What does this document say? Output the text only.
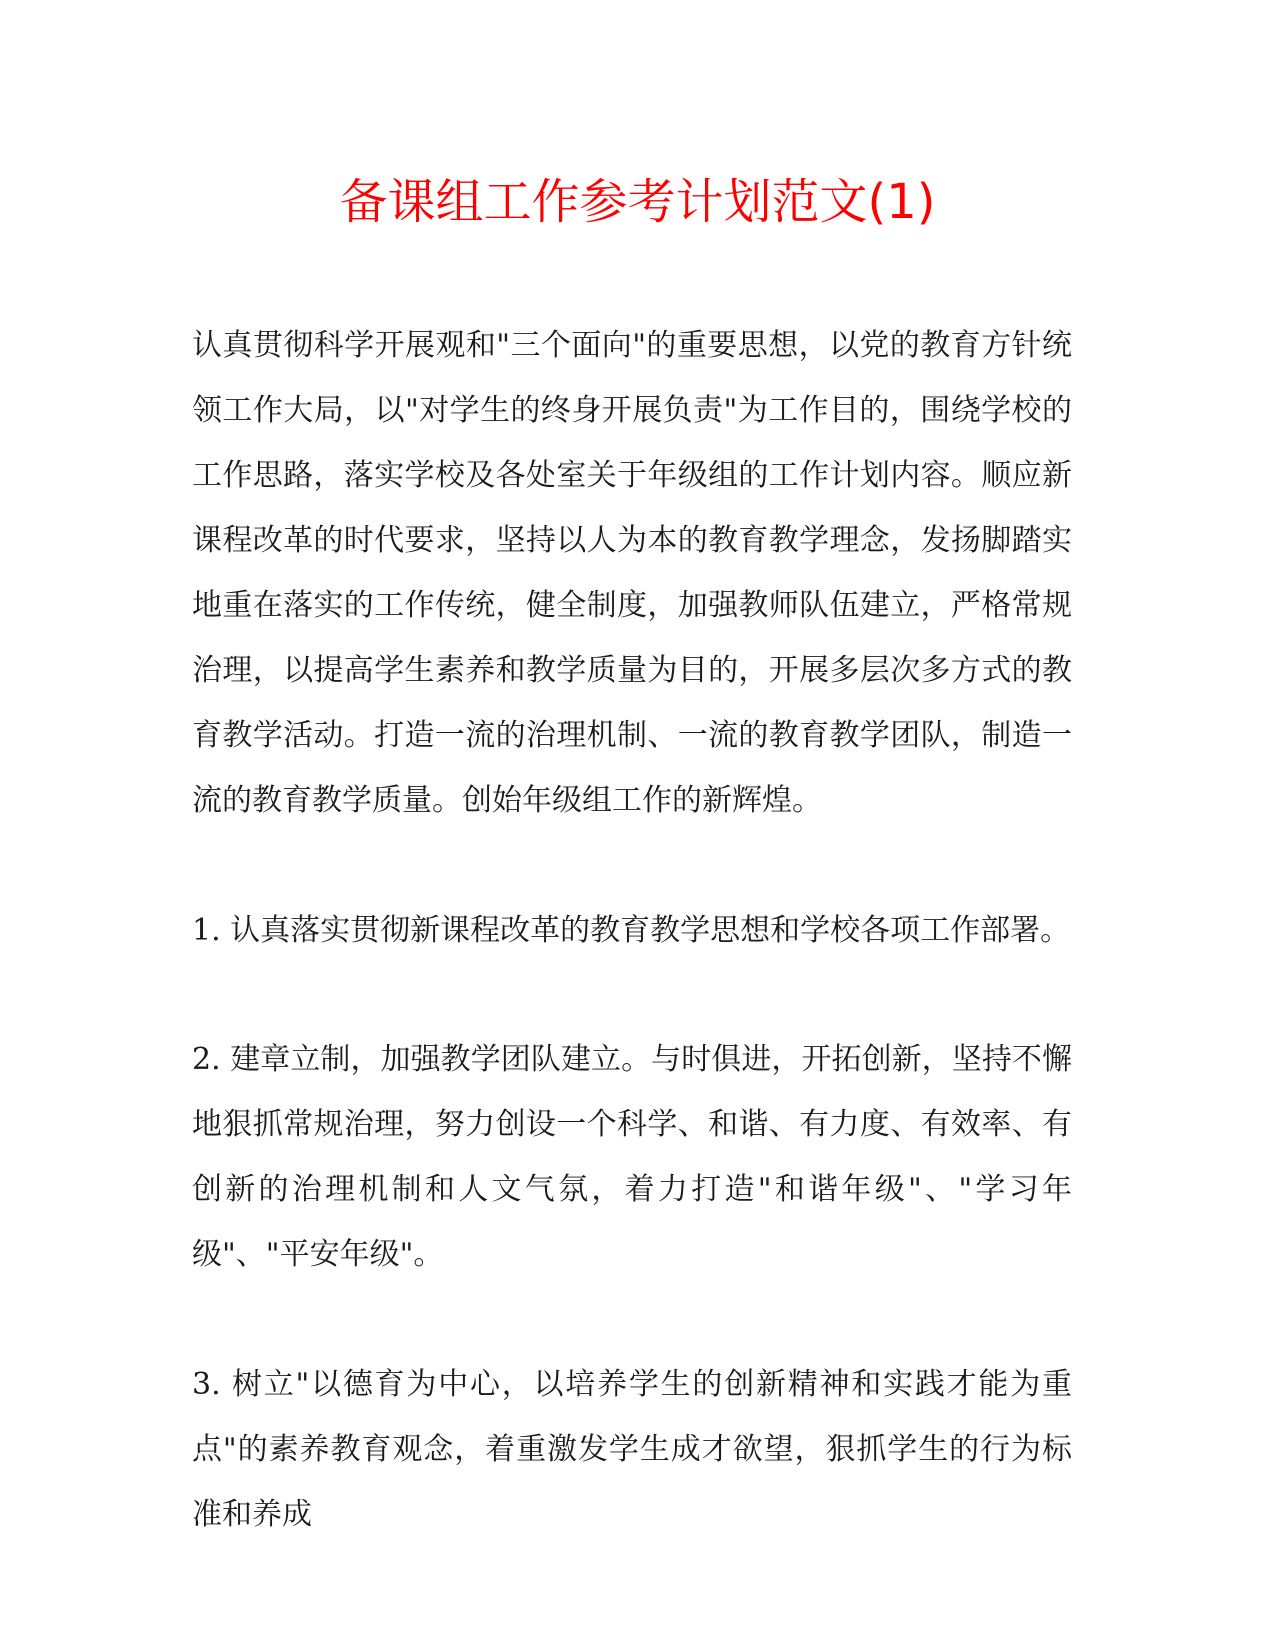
备课组工作参考计划范文(1)

认真贯彻科学开展观和"三个面向"的重要思想，以党的教育方针统领工作大局，以"对学生的终身开展负责"为工作目的，围绕学校的工作思路，落实学校及各处室关于年级组的工作计划内容。顺应新课程改革的时代要求，坚持以人为本的教育教学理念，发扬脚踏实地重在落实的工作传统，健全制度，加强教师队伍建立，严格常规治理，以提高学生素养和教学质量为目的，开展多层次多方式的教育教学活动。打造一流的治理机制、一流的教育教学团队，制造一流的教育教学质量。创始年级组工作的新辉煌。

1. 认真落实贯彻新课程改革的教育教学思想和学校各项工作部署。

2. 建章立制，加强教学团队建立。与时俱进，开拓创新，坚持不懈地狠抓常规治理，努力创设一个科学、和谐、有力度、有效率、有创新的治理机制和人文气氛，着力打造"和谐年级"、"学习年级"、"平安年级"。

3. 树立"以德育为中心，以培养学生的创新精神和实践才能为重点"的素养教育观念，着重激发学生成才欲望，狠抓学生的行为标准和养成
